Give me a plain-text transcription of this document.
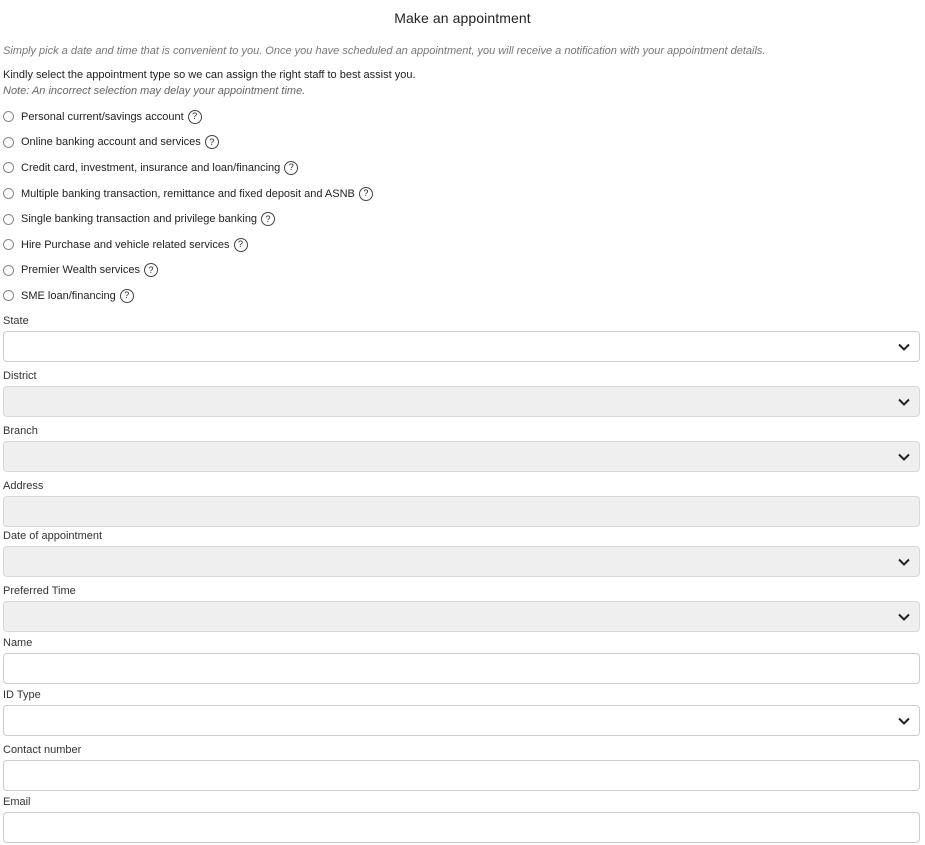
Make an appointment
Simply pick a date and time that is convenient to you. Once you have scheduled an appointment, you will receive a notification with your appointment details.
Kindly select the appointment type so we can assign the right staff to best assist you.
Note: An incorrect selection may delay your appointment time.
Personal current/savings account ?
Online banking account and services ?
Credit card, investment, insurance and loan/financing ?
Multiple banking transaction, remittance and fixed deposit and ASNB ?
Single banking transaction and privilege banking ?
Hire Purchase and vehicle related services ?
Premier Wealth services ?
SME loan/financing ?
State
District
Branch
Address
Date of appointment
Preferred Time
Name
ID Type
Contact number
Email
